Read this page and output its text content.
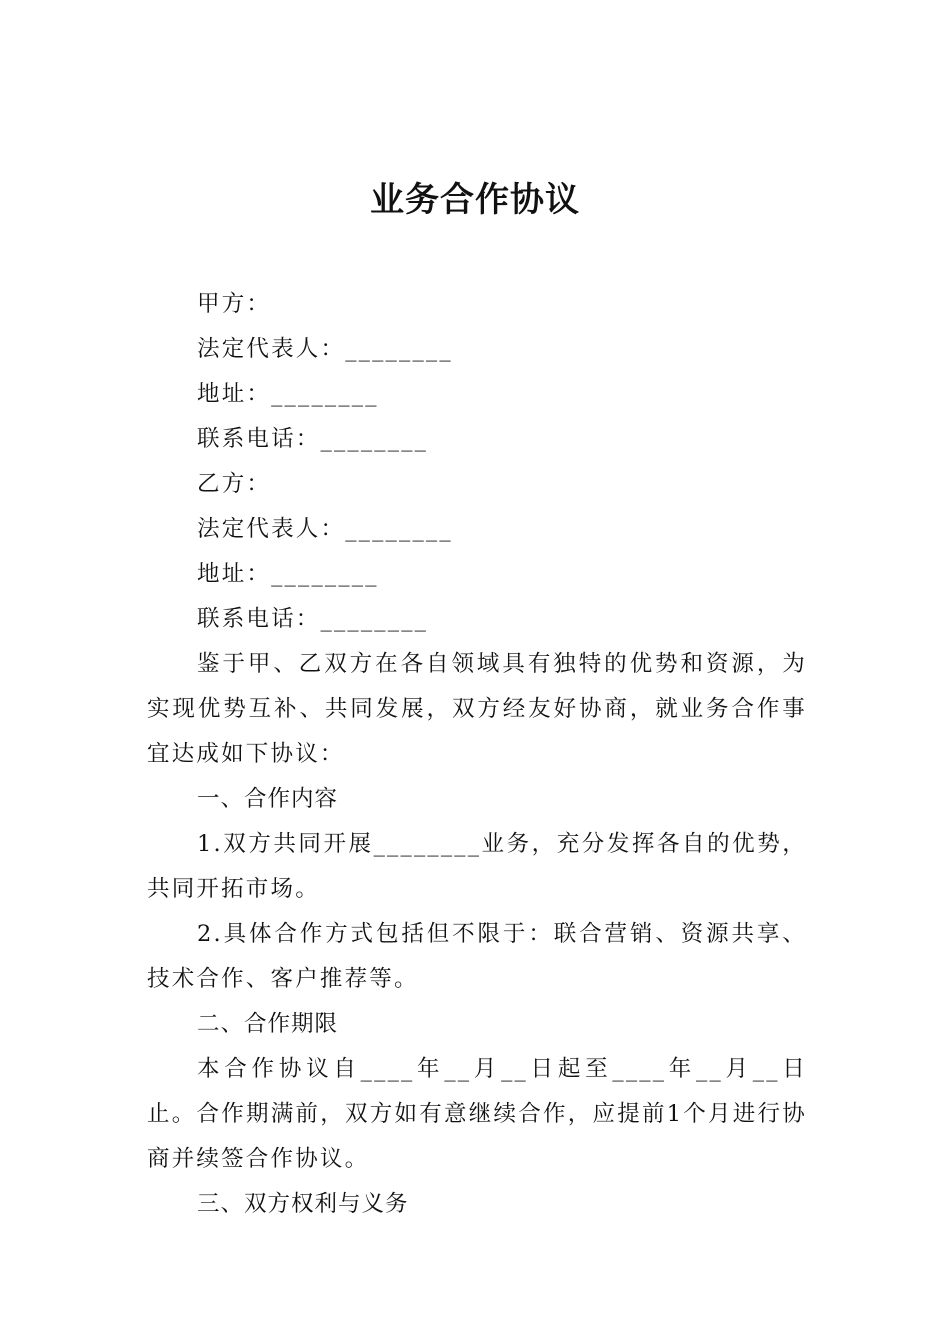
业务合作协议

甲方：

法定代表人：________

地址：________

联系电话：________

乙方：

法定代表人：________

地址：________

联系电话：________

鉴于甲、乙双方在各自领域具有独特的优势和资源，为实现优势互补、共同发展，双方经友好协商，就业务合作事宜达成如下协议：

一、合作内容

1.双方共同开展________业务，充分发挥各自的优势，共同开拓市场。

2.具体合作方式包括但不限于：联合营销、资源共享、技术合作、客户推荐等。

二、合作期限

本合作协议自____年__月__日起至____年__月__日止。合作期满前，双方如有意继续合作，应提前1个月进行协商并续签合作协议。

三、双方权利与义务
